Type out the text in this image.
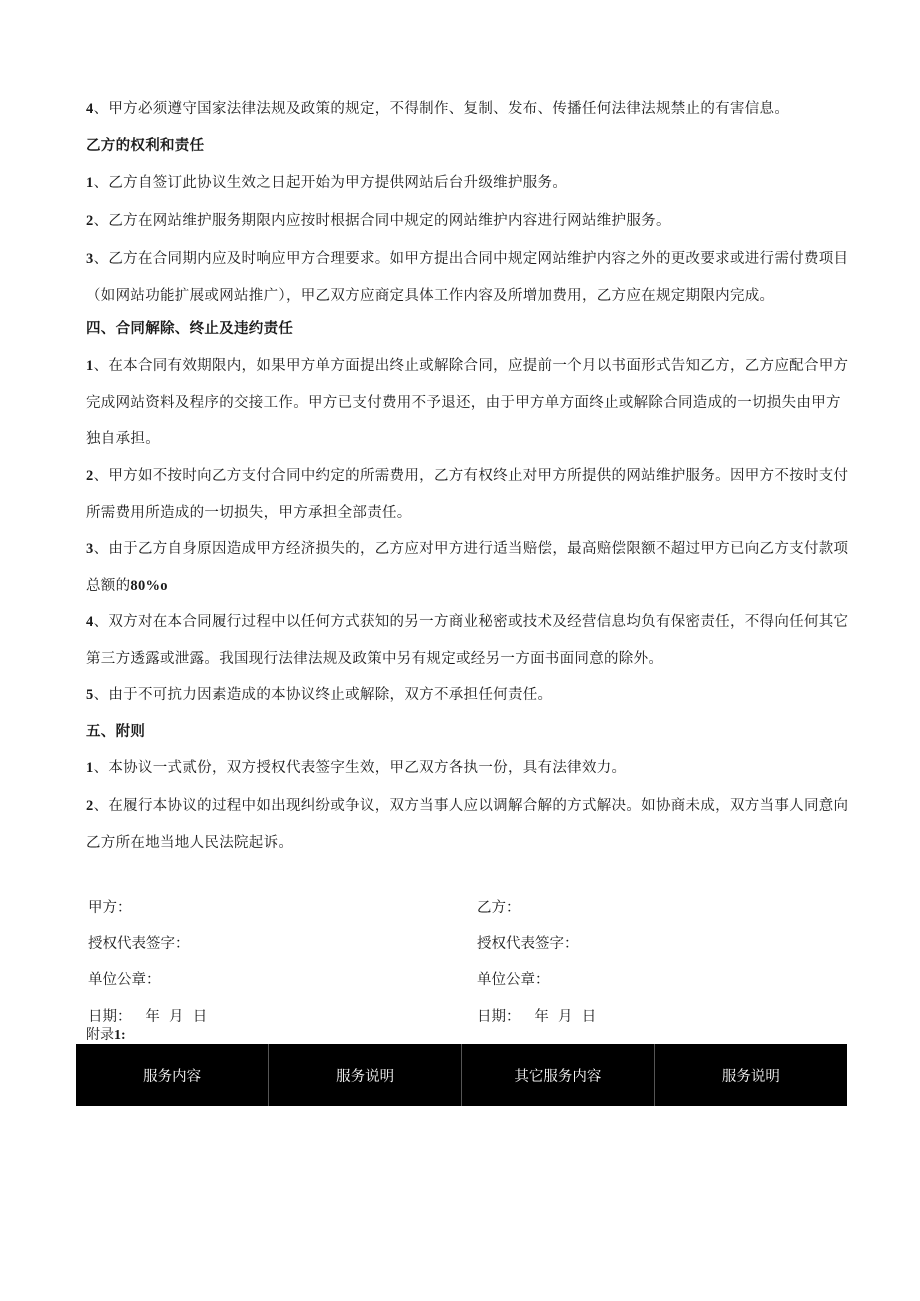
4、甲方必须遵守国家法律法规及政策的规定，不得制作、复制、发布、传播任何法律法规禁止的有害信息。

乙方的权利和责任

1、乙方自签订此协议生效之日起开始为甲方提供网站后台升级维护服务。

2、乙方在网站维护服务期限内应按时根据合同中规定的网站维护内容进行网站维护服务。

3、乙方在合同期内应及时响应甲方合理要求。如甲方提出合同中规定网站维护内容之外的更改要求或进行需付费项目（如网站功能扩展或网站推广），甲乙双方应商定具体工作内容及所增加费用，乙方应在规定期限内完成。

四、合同解除、终止及违约责任

1、在本合同有效期限内，如果甲方单方面提出终止或解除合同，应提前一个月以书面形式告知乙方，乙方应配合甲方完成网站资料及程序的交接工作。甲方已支付费用不予退还，由于甲方单方面终止或解除合同造成的一切损失由甲方独自承担。

2、甲方如不按时向乙方支付合同中约定的所需费用，乙方有权终止对甲方所提供的网站维护服务。因甲方不按时支付所需费用所造成的一切损失，甲方承担全部责任。

3、由于乙方自身原因造成甲方经济损失的，乙方应对甲方进行适当赔偿，最高赔偿限额不超过甲方已向乙方支付款项总额的80%o

4、双方对在本合同履行过程中以任何方式获知的另一方商业秘密或技术及经营信息均负有保密责任，不得向任何其它第三方透露或泄露。我国现行法律法规及政策中另有规定或经另一方面书面同意的除外。

5、由于不可抗力因素造成的本协议终止或解除，双方不承担任何责任。

五、附则

1、本协议一式贰份，双方授权代表签字生效，甲乙双方各执一份，具有法律效力。

2、在履行本协议的过程中如出现纠纷或争议，双方当事人应以调解合解的方式解决。如协商未成，双方当事人同意向乙方所在地当地人民法院起诉。

甲方：
授权代表签字：
单位公章：
日期：   年  月  日
乙方：
授权代表签字：
单位公章：
日期：   年  月  日
附录1:
服务内容	服务说明	其它服务内容	服务说明
